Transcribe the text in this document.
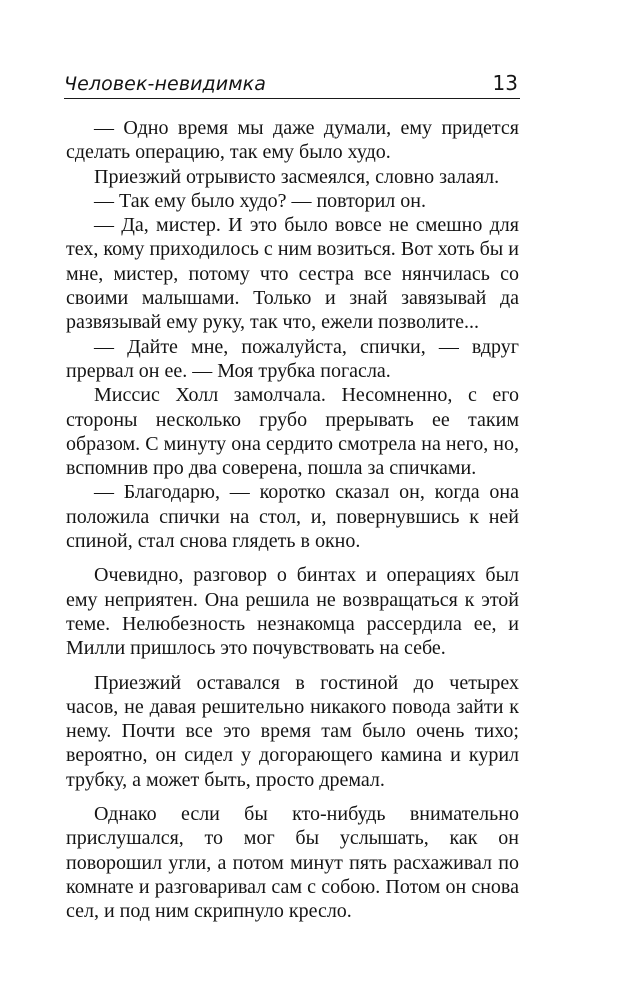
Человек-невидимка	13

— Одно время мы даже думали, ему придется сделать операцию, так ему было худо.

Приезжий отрывисто засмеялся, словно залаял.

— Так ему было худо? — повторил он.

— Да, мистер. И это было вовсе не смешно для тех, кому приходилось с ним возиться. Вот хоть бы и мне, мистер, потому что сестра все нянчилась со своими малышами. Только и знай завязывай да развязывай ему руку, так что, ежели позволите...

— Дайте мне, пожалуйста, спички, — вдруг прервал он ее. — Моя трубка погасла.

Миссис Холл замолчала. Несомненно, с его стороны несколько грубо прерывать ее таким образом. С минуту она сердито смотрела на него, но, вспомнив про два соверена, пошла за спичками.

— Благодарю, — коротко сказал он, когда она положила спички на стол, и, повернувшись к ней спиной, стал снова глядеть в окно.

Очевидно, разговор о бинтах и операциях был ему неприятен. Она решила не возвращаться к этой теме. Нелюбезность незнакомца рассердила ее, и Милли пришлось это почувствовать на себе.

Приезжий оставался в гостиной до четырех часов, не давая решительно никакого повода зайти к нему. Почти все это время там было очень тихо; вероятно, он сидел у догорающего камина и курил трубку, а может быть, просто дремал.

Однако если бы кто-нибудь внимательно прислушался, то мог бы услышать, как он поворошил угли, а потом минут пять расхаживал по комнате и разговаривал сам с собою. Потом он снова сел, и под ним скрипнуло кресло.
